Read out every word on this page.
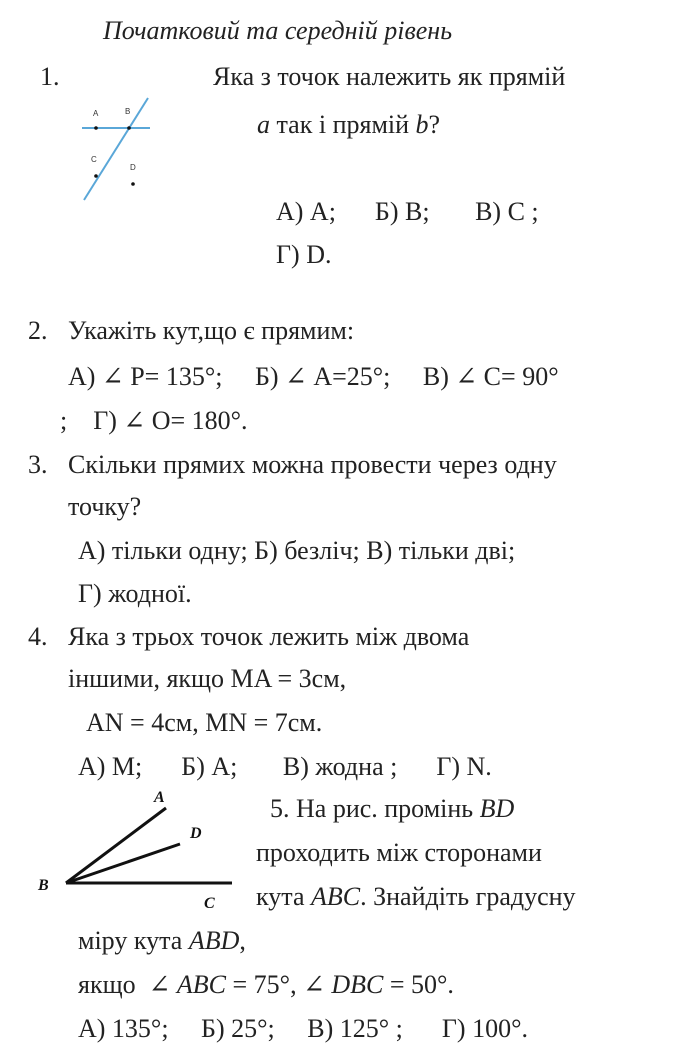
Початковий та середній рівень
1.
A	B
C
D
Яка з точок належить як прямій
a так і прямій b?
А) А;      Б) В;       В) С ;
Г) D.
2. Укажіть кут,що є прямим:
А) ∠ P= 135°;     Б) ∠ A=25°;     В) ∠ C= 90°
;    Г) ∠ O= 180°.
3. Скільки прямих можна провести через одну
точку?
А) тільки одну; Б) безліч; В) тільки дві;
Г) жодної.
4. Яка з трьох точок лежить між двома
іншими, якщо MA = 3см,
AN = 4см, MN = 7см.
А) M;      Б) A;       В) жодна ;      Г) N.
A
B
C
D
5. На рис. промінь BD
проходить між сторонами
кута ABC. Знайдіть градусну
міру кута ABD,
якщо  ∠ ABC = 75°, ∠ DBC = 50°.
А) 135°;     Б) 25°;     В) 125° ;      Г) 100°.
